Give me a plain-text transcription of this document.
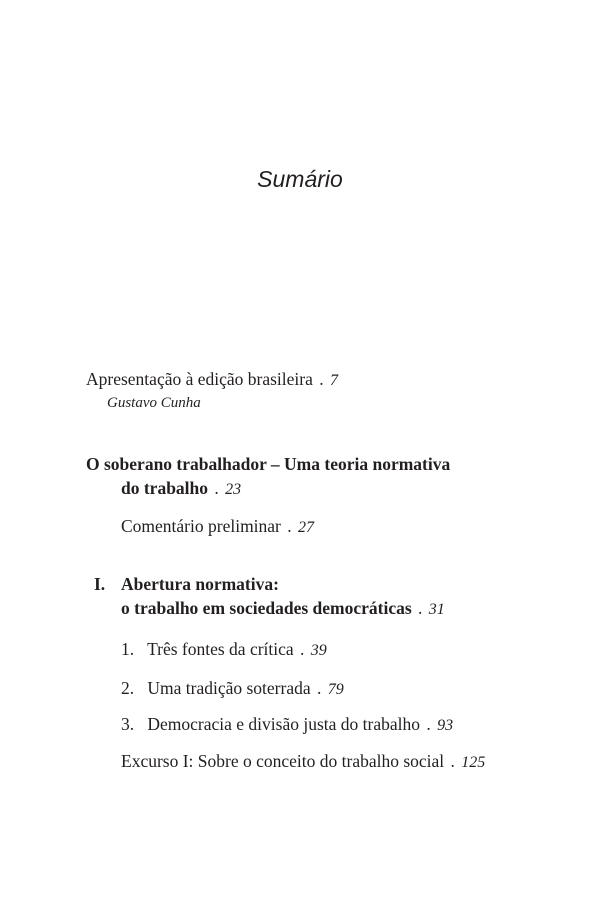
Sumário
Apresentação à edição brasileira . 7
Gustavo Cunha
O soberano trabalhador – Uma teoria normativa
do trabalho . 23
Comentário preliminar . 27
I. Abertura normativa:
o trabalho em sociedades democráticas . 31
1. Três fontes da crítica . 39
2. Uma tradição soterrada . 79
3. Democracia e divisão justa do trabalho . 93
Excurso I: Sobre o conceito do trabalho social . 125
